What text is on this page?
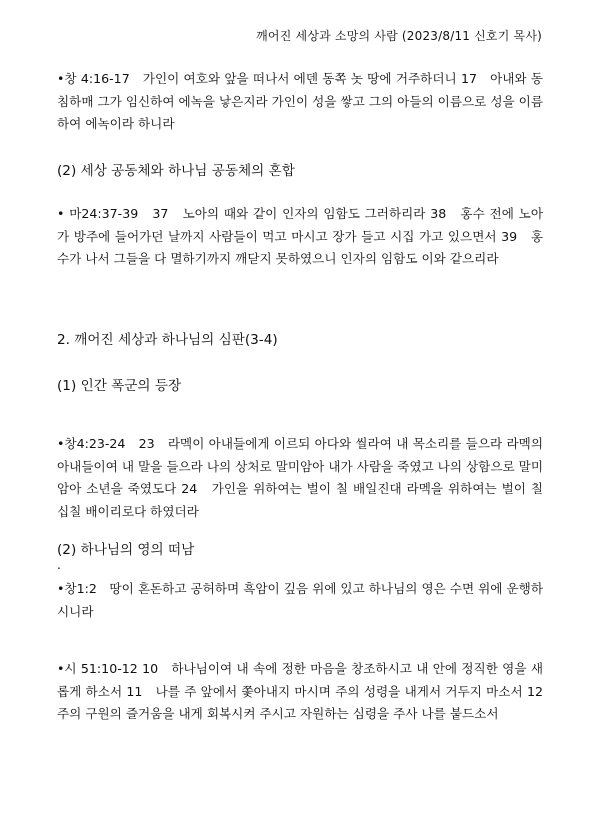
깨어진 세상과 소망의 사람 (2023/8/11 신호기 목사)

•창 4:16-17　가인이 여호와 앞을 떠나서 에덴 동쪽 놋 땅에 거주하더니 17　아내와 동침하매 그가 임신하여 에녹을 낳은지라 가인이 성을 쌓고 그의 아들의 이름으로 성을 이름하여 에녹이라 하니라

(2) 세상 공동체와 하나님 공동체의 혼합

• 마24:37-39　37　노아의 때와 같이 인자의 임함도 그러하리라 38　홍수 전에 노아가 방주에 들어가던 날까지 사람들이 먹고 마시고 장가 들고 시집 가고 있으면서 39　홍수가 나서 그들을 다 멸하기까지 깨닫지 못하였으니 인자의 임함도 이와 같으리라

2. 깨어진 세상과 하나님의 심판(3-4)
(1) 인간 폭군의 등장

•창4:23-24　23　라멕이 아내들에게 이르되 아다와 씰라여 내 목소리를 들으라 라멕의 아내들이여 내 말을 들으라 나의 상처로 말미암아 내가 사람을 죽였고 나의 상함으로 말미암아 소년을 죽였도다 24　가인을 위하여는 벌이 칠 배일진대 라멕을 위하여는 벌이 칠십칠 배이리로다 하였더라

(2) 하나님의 영의 떠남
.

•창1:2　땅이 혼돈하고 공허하며 흑암이 깊음 위에 있고 하나님의 영은 수면 위에 운행하시니라

•시 51:10-12 10　하나님이여 내 속에 정한 마음을 창조하시고 내 안에 정직한 영을 새롭게 하소서 11　나를 주 앞에서 쫓아내지 마시며 주의 성령을 내게서 거두지 마소서 12　주의 구원의 즐거움을 내게 회복시켜 주시고 자원하는 심령을 주사 나를 붙드소서
